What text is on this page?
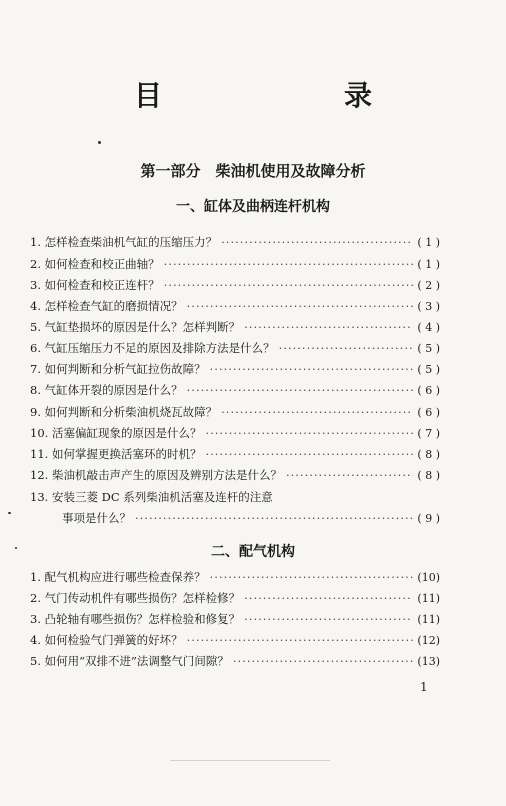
目　　录
第一部分　柴油机使用及故障分析
一、缸体及曲柄连杆机构
1. 怎样检查柴油机气缸的压缩压力？ ·····	( 1 )
2. 如何检查和校正曲轴？ ·····	( 1 )
3. 如何检查和校正连杆？ ·····	( 2 )
4. 怎样检查气缸的磨损情况？ ·····	( 3 )
5. 气缸垫损坏的原因是什么？怎样判断？ ·····	( 4 )
6. 气缸压缩压力不足的原因及排除方法是什么？ ·····	( 5 )
7. 如何判断和分析气缸拉伤故障？ ·····	( 5 )
8. 气缸体开裂的原因是什么？ ·····	( 6 )
9. 如何判断和分析柴油机烧瓦故障？ ·····	( 6 )
10. 活塞偏缸现象的原因是什么？ ·····	( 7 )
11. 如何掌握更换活塞环的时机？ ·····	( 8 )
12. 柴油机敲击声产生的原因及辨别方法是什么？ ·····	( 8 )
13. 安装三菱 DC 系列柴油机活塞及连杆的注意
事项是什么？ ·····	( 9 )
二、配气机构
1. 配气机构应进行哪些检查保养？ ·····	(10)
2. 气门传动机件有哪些损伤？怎样检修？ ·····	(11)
3. 凸轮轴有哪些损伤？怎样检验和修复？ ·····	(11)
4. 如何检验气门弹簧的好坏？ ·····	(12)
5. 如何用“双排不进”法调整气门间隙？ ·····	(13)
1
